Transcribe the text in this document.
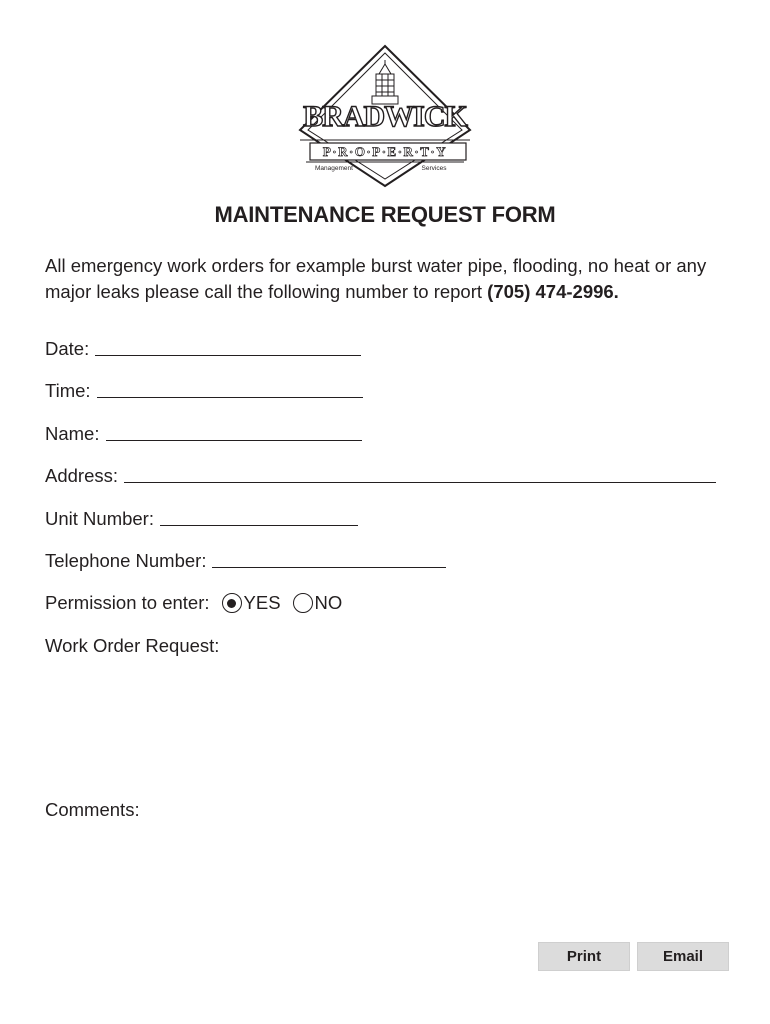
BRADWICK
P·R·O·P·E·R·T·Y
Management	Services
MAINTENANCE REQUEST FORM
All emergency work orders for example burst water pipe, flooding, no heat or any major leaks please call the following number to report (705) 474-2996.
Date:
Time:
Name:
Address:
Unit Number:
Telephone Number:
Permission to enter: YES NO
Work Order Request:
Comments:
Print	Email
